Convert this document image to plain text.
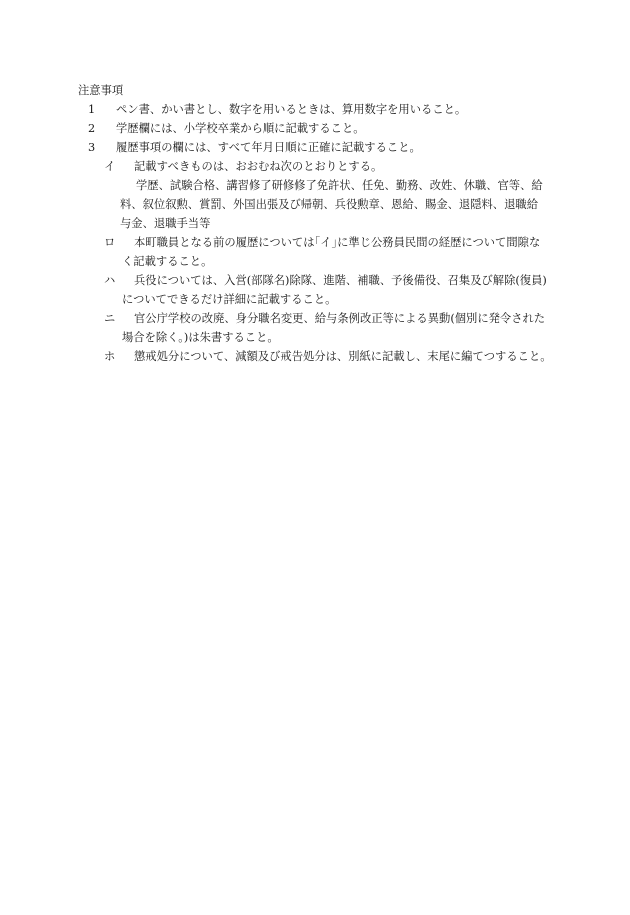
注意事項
1	ペン書、かい書とし、数字を用いるときは、算用数字を用いること。
2	学歴欄には、小学校卒業から順に記載すること。
3	履歴事項の欄には、すべて年月日順に正確に記載すること。
イ	記載すべきものは、おおむね次のとおりとする。
学歴、試験合格、講習修了研修修了免許状、任免、勤務、改姓、休職、官等、給
料、叙位叙勲、賞罰、外国出張及び帰朝、兵役勲章、恩給、賜金、退隠料、退職給
与金、退職手当等
ロ	本町職員となる前の履歴については｢イ｣に準じ公務員民間の経歴について間隙な
く記載すること。
ハ	兵役については、入営(部隊名)除隊、進階、補職、予後備役、召集及び解除(復員)
についてできるだけ詳細に記載すること。
ニ	官公庁学校の改廃、身分職名変更、給与条例改正等による異動(個別に発令された
場合を除く。)は朱書すること。
ホ	懲戒処分について、減額及び戒告処分は、別紙に記載し、末尾に編てつすること。
